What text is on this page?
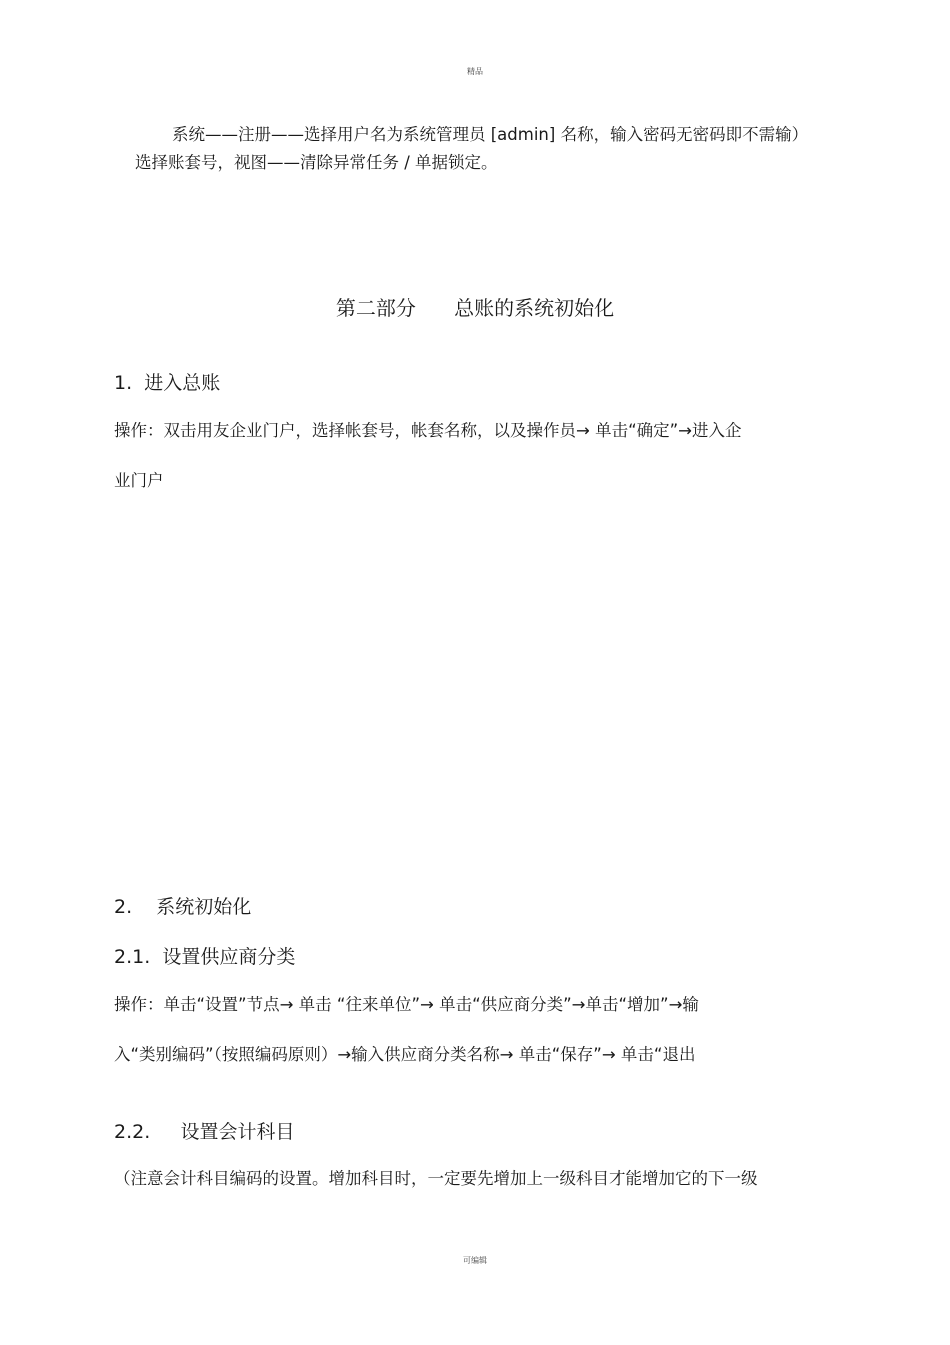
精品
系统——注册——选择用户名为系统管理员 [admin] 名称，输入密码无密码即不需输）
选择账套号，视图——清除异常任务 / 单据锁定。
第二部分      总账的系统初始化
1.  进入总账
操作：双击用友企业门户，选择帐套号，帐套名称，以及操作员→ 单击“确定”→进入企
业门户
2.    系统初始化
2.1.  设置供应商分类
操作：单击“设置”节点→ 单击 “往来单位”→ 单击“供应商分类”→单击“增加”→输
入“类别编码”（按照编码原则）→输入供应商分类名称→ 单击“保存”→ 单击“退出
2.2.     设置会计科目
（注意会计科目编码的设置。增加科目时，一定要先增加上一级科目才能增加它的下一级
可编辑
